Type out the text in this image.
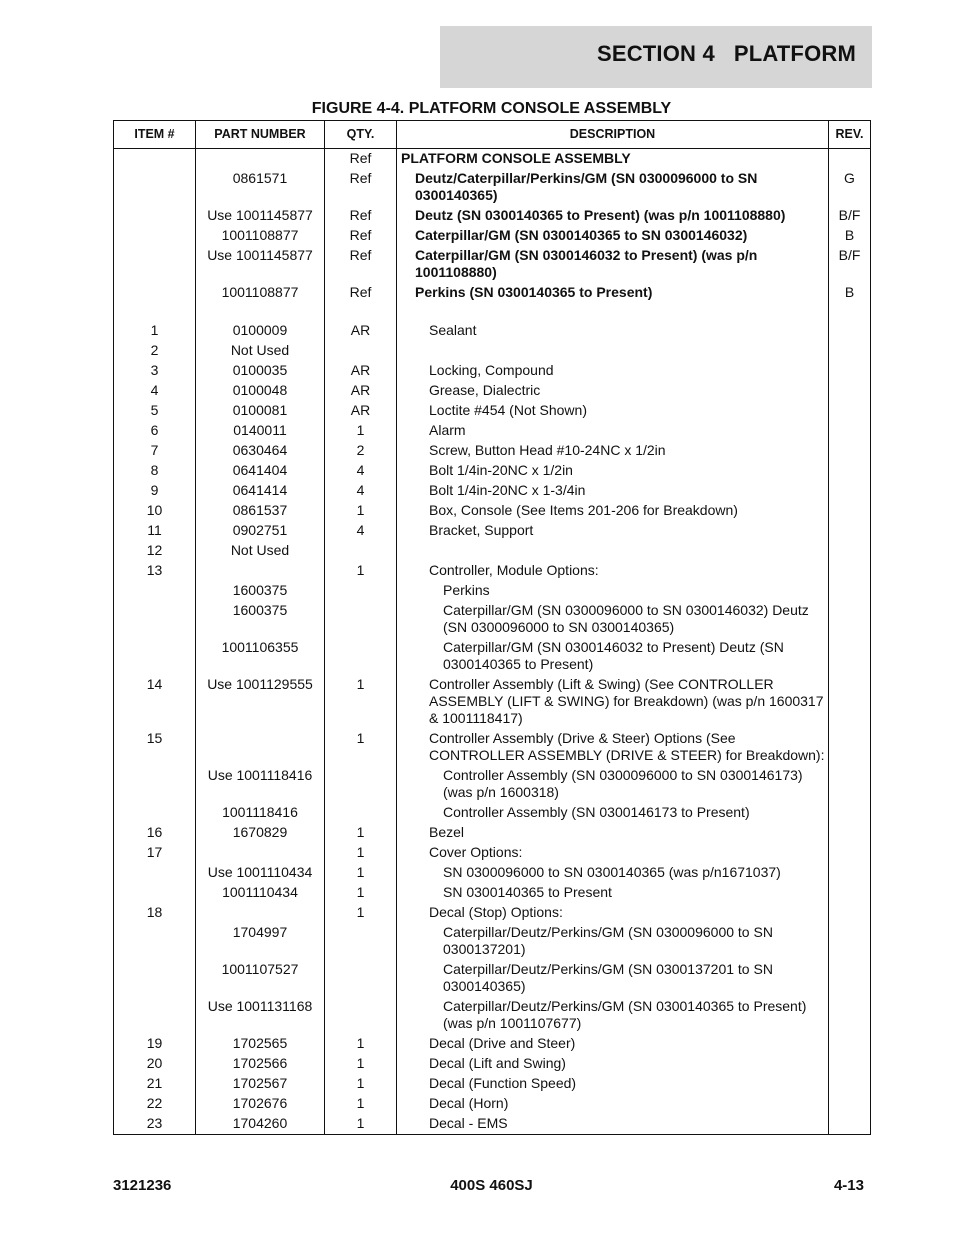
SECTION 4   PLATFORM
FIGURE 4-4. PLATFORM CONSOLE ASSEMBLY
ITEM #	PART NUMBER	QTY.	DESCRIPTION	REV.
		Ref	PLATFORM CONSOLE ASSEMBLY	

	0861571	Ref	Deutz/Caterpillar/Perkins/GM (SN 0300096000 to SN 0300140365)	G
	Use 1001145877	Ref	Deutz (SN 0300140365 to Present) (was p/n 1001108880)	B/F
	1001108877	Ref	Caterpillar/GM (SN 0300140365 to SN 0300146032)	B
	Use 1001145877	Ref	Caterpillar/GM (SN 0300146032 to Present) (was p/n 1001108880)	B/F
	1001108877	Ref	Perkins (SN 0300140365 to Present)	B

1	0100009	AR	Sealant	

2	Not Used		

3	0100035	AR	Locking, Compound	

4	0100048	AR	Grease, Dialectric	

5	0100081	AR	Loctite #454 (Not Shown)	

6	0140011	1	Alarm	

7	0630464	2	Screw, Button Head #10-24NC x 1/2in	

8	0641404	4	Bolt 1/4in-20NC x 1/2in	

9	0641414	4	Bolt 1/4in-20NC x 1-3/4in	

10	0861537	1	Box, Console (See Items 201-206 for Breakdown)	

11	0902751	4	Bracket, Support	

12	Not Used		

13		1	Controller, Module Options:	

	1600375		Perkins	

	1600375		Caterpillar/GM (SN 0300096000 to SN 0300146032) Deutz (SN 0300096000 to SN 0300140365)	

	1001106355		Caterpillar/GM (SN 0300146032 to Present) Deutz (SN 0300140365 to Present)	

14	Use 1001129555	1	Controller Assembly (Lift & Swing) (See CONTROLLER ASSEMBLY (LIFT & SWING) for Breakdown) (was p/n 1600317 & 1001118417)	

15		1	Controller Assembly (Drive & Steer) Options (See CONTROLLER ASSEMBLY (DRIVE & STEER) for Breakdown):	

	Use 1001118416		Controller Assembly (SN 0300096000 to SN 0300146173) (was p/n 1600318)	

	1001118416		Controller Assembly (SN 0300146173 to Present)	

16	1670829	1	Bezel	

17		1	Cover Options:	

	Use 1001110434	1	SN 0300096000 to SN 0300140365 (was p/n1671037)	

	1001110434	1	SN 0300140365 to Present	

18		1	Decal (Stop) Options:	

	1704997		Caterpillar/Deutz/Perkins/GM (SN 0300096000 to SN 0300137201)	

	1001107527		Caterpillar/Deutz/Perkins/GM (SN 0300137201 to SN 0300140365)	

	Use 1001131168		Caterpillar/Deutz/Perkins/GM (SN 0300140365 to Present) (was p/n 1001107677)	

19	1702565	1	Decal (Drive and Steer)	

20	1702566	1	Decal (Lift and Swing)	

21	1702567	1	Decal (Function Speed)	

22	1702676	1	Decal (Horn)	

23	1704260	1	Decal - EMS	

3121236	400S 460SJ	4-13
